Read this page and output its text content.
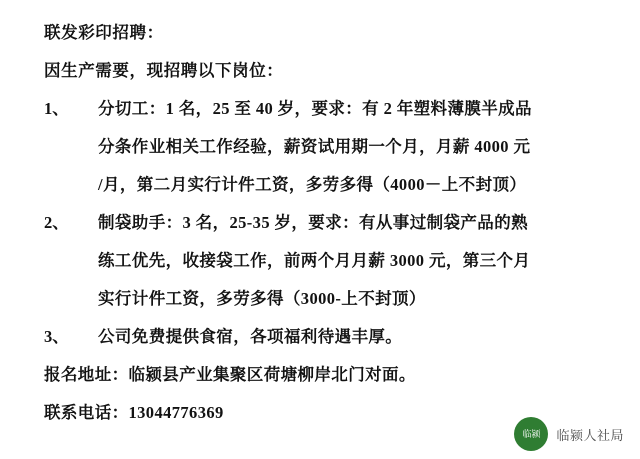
联发彩印招聘：
因生产需要，现招聘以下岗位：
1、	分切工：1 名，25 至 40 岁，要求：有 2 年塑料薄膜半成品
分条作业相关工作经验，薪资试用期一个月，月薪 4000 元
/月，第二月实行计件工资，多劳多得（4000－上不封顶）
2、	制袋助手：3 名，25-35 岁，要求：有从事过制袋产品的熟
练工优先，收接袋工作，前两个月月薪 3000 元，第三个月
实行计件工资，多劳多得（3000-上不封顶）
3、	公司免费提供食宿，各项福利待遇丰厚。
报名地址：临颍县产业集聚区荷塘柳岸北门对面。
联系电话：13044776369
临颍	临颍人社局
